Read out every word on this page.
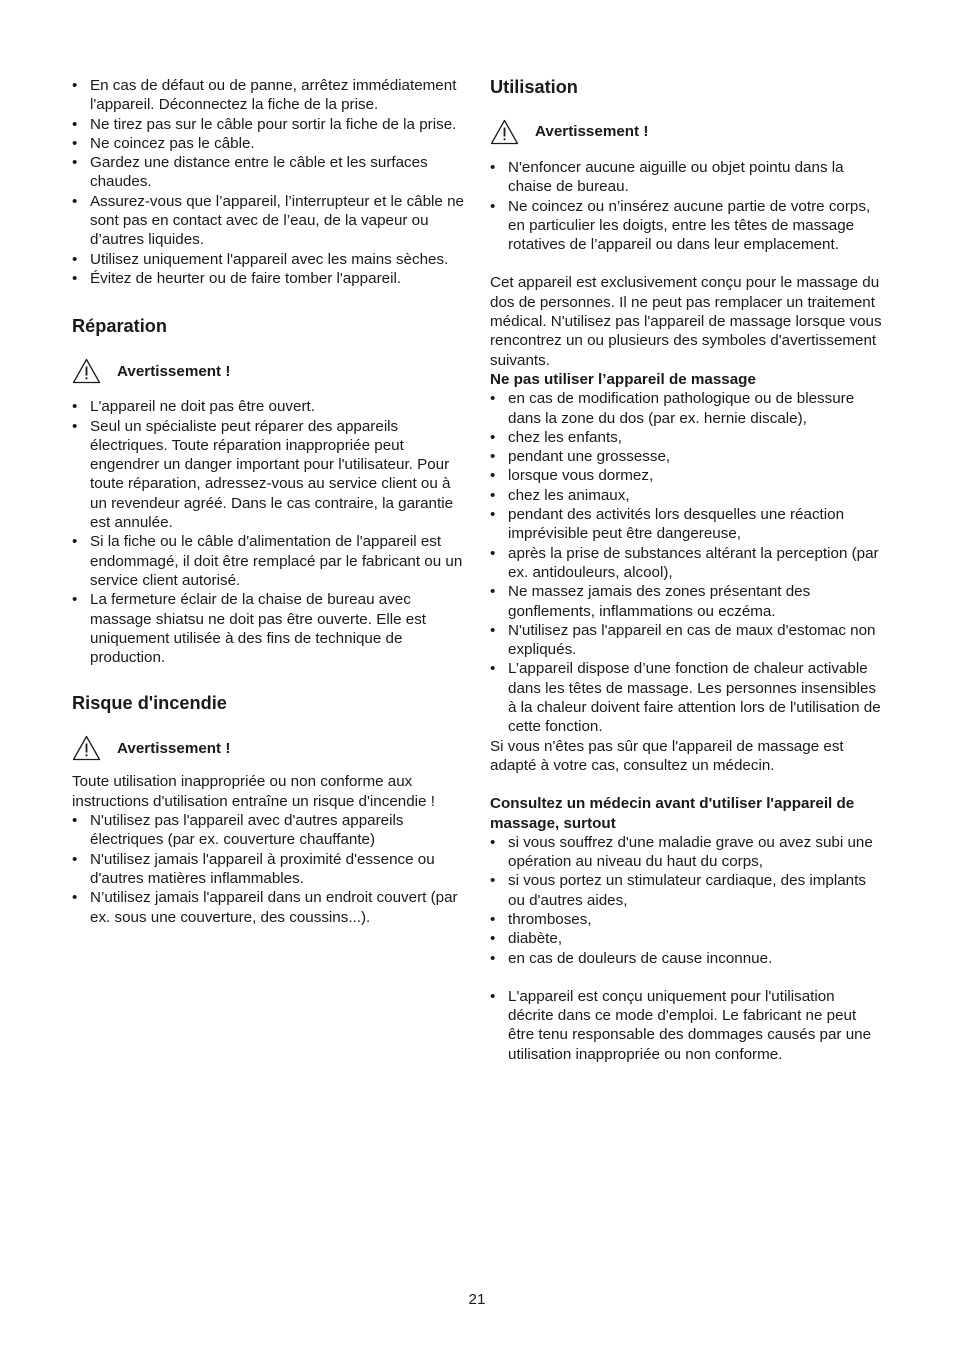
• En cas de défaut ou de panne, arrêtez immédiatement l'appareil. Déconnectez la fiche de la prise.
• Ne tirez pas sur le câble pour sortir la fiche de la prise.
• Ne coincez pas le câble.
• Gardez une distance entre le câble et les surfaces chaudes.
• Assurez-vous que l’appareil, l’interrupteur et le câble ne sont pas en contact avec de l’eau, de la vapeur ou d’autres liquides.
• Utilisez uniquement l'appareil avec les mains sèches.
• Évitez de heurter ou de faire tomber l'appareil.
Réparation
Avertissement !
• L'appareil ne doit pas être ouvert.
• Seul un spécialiste peut réparer des appareils électriques. Toute réparation inappropriée peut engendrer un danger important pour l'utilisateur. Pour toute réparation, adressez-vous au service client ou à un revendeur agréé. Dans le cas contraire, la garantie est annulée.
• Si la fiche ou le câble d'alimentation de l'appareil est endommagé, il doit être remplacé par le fabricant ou un service client autorisé.
• La fermeture éclair de la chaise de bureau avec massage shiatsu ne doit pas être ouverte. Elle est uniquement utilisée à des fins de technique de production.
Risque d'incendie
Avertissement !

Toute utilisation inappropriée ou non conforme aux instructions d'utilisation entraîne un risque d'incendie !

• N'utilisez pas l'appareil avec d'autres appareils électriques (par ex. couverture chauffante)
• N'utilisez jamais l'appareil à proximité d'essence ou d'autres matières inflammables.
• N’utilisez jamais l'appareil dans un endroit couvert (par ex. sous une couverture, des coussins...).
Utilisation
Avertissement !
• N'enfoncer aucune aiguille ou objet pointu dans la chaise de bureau.
• Ne coincez ou n’insérez aucune partie de votre corps, en particulier les doigts, entre les têtes de massage rotatives de l’appareil ou dans leur emplacement.

Cet appareil est exclusivement conçu pour le massage du dos de personnes. Il ne peut pas remplacer un traitement médical. N'utilisez pas l'appareil de massage lorsque vous rencontrez un ou plusieurs des symboles d'avertissement suivants.

Ne pas utiliser l’appareil de massage

• en cas de modification pathologique ou de blessure dans la zone du dos (par ex. hernie discale),
• chez les enfants,
• pendant une grossesse,
• lorsque vous dormez,
• chez les animaux,
• pendant des activités lors desquelles une réaction imprévisible peut être dangereuse,
• après la prise de substances altérant la perception (par ex. antidouleurs, alcool),
• Ne massez jamais des zones présentant des gonflements, inflammations ou eczéma.
• N'utilisez pas l'appareil en cas de maux d'estomac non expliqués.
• L’appareil dispose d’une fonction de chaleur activable dans les têtes de massage. Les personnes insensibles à la chaleur doivent faire attention lors de l'utilisation de cette fonction.

Si vous n'êtes pas sûr que l'appareil de massage est adapté à votre cas, consultez un médecin.

Consultez un médecin avant d'utiliser l'appareil de massage, surtout

• si vous souffrez d'une maladie grave ou avez subi une opération au niveau du haut du corps,
• si vous portez un stimulateur cardiaque, des implants ou d'autres aides,
• thromboses,
• diabète,
• en cas de douleurs de cause inconnue.
• L'appareil est conçu uniquement pour l'utilisation décrite dans ce mode d'emploi. Le fabricant ne peut être tenu responsable des dommages causés par une utilisation inappropriée ou non conforme.
21
